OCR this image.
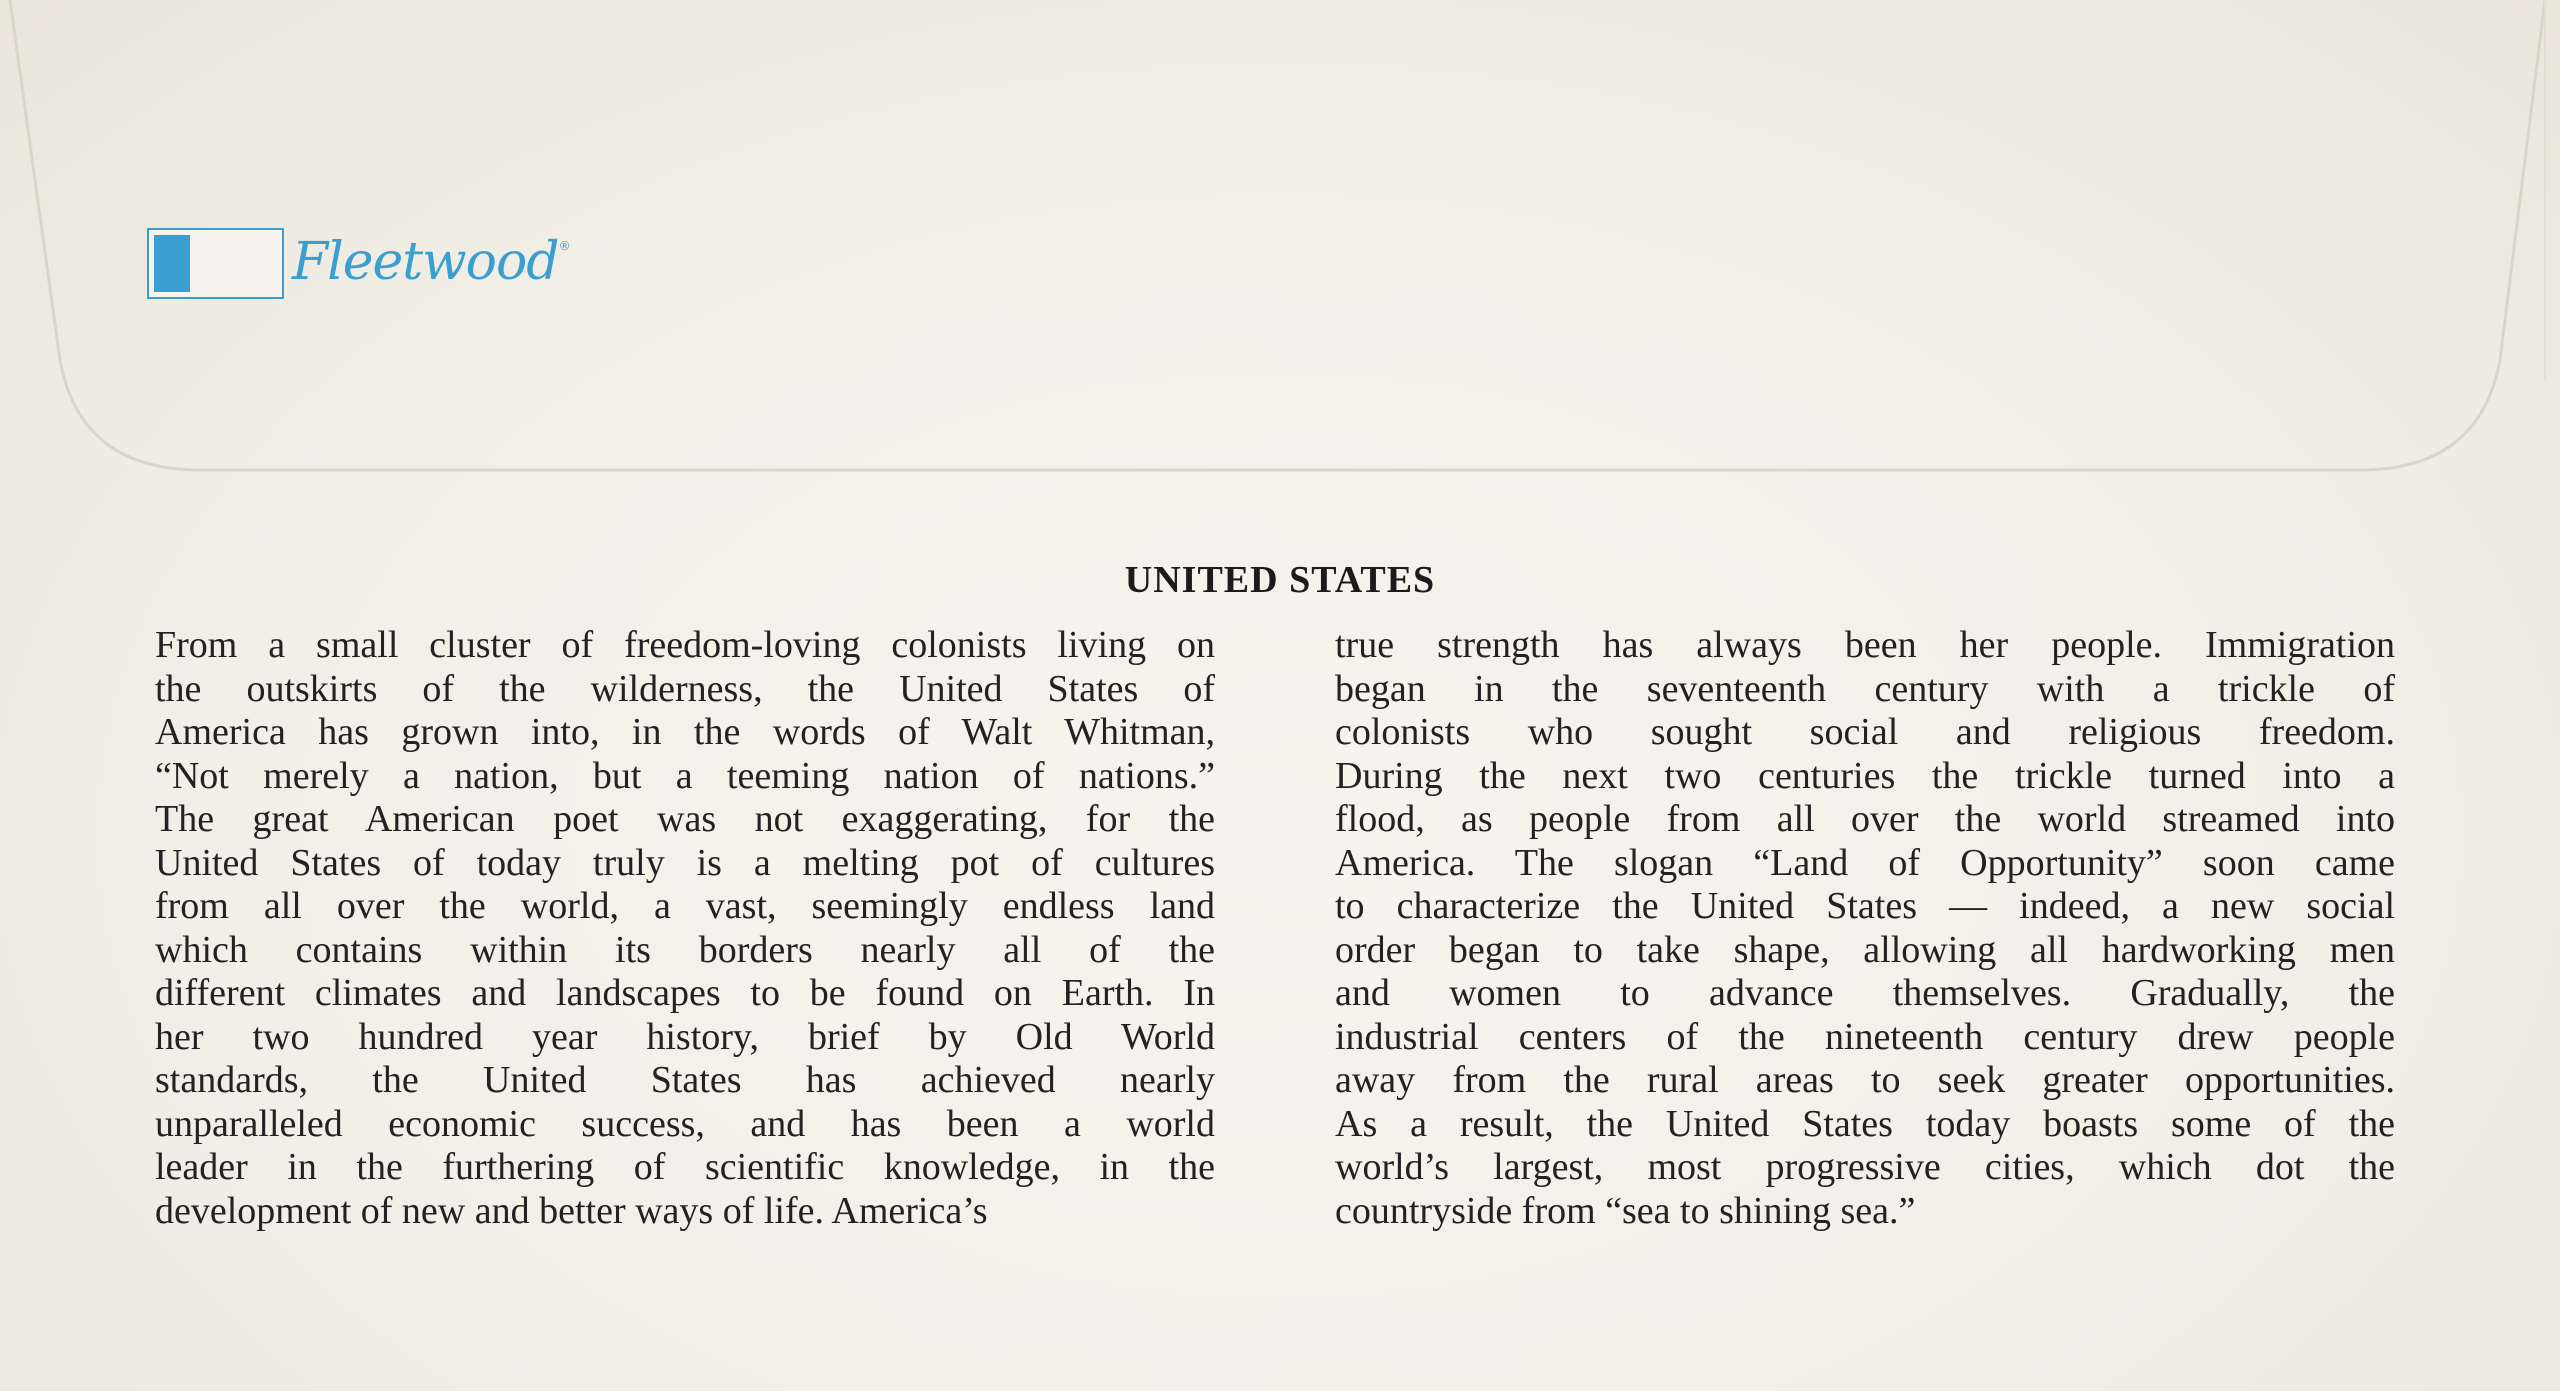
Fleetwood ®
UNITED STATES
From a small cluster of freedom-loving colonists living on
the outskirts of the wilderness, the United States of
America has grown into, in the words of Walt Whitman,
“Not merely a nation, but a teeming nation of nations.”
The great American poet was not exaggerating, for the
United States of today truly is a melting pot of cultures
from all over the world, a vast, seemingly endless land
which contains within its borders nearly all of the
different climates and landscapes to be found on Earth. In
her two hundred year history, brief by Old World
standards, the United States has achieved nearly
unparalleled economic success, and has been a world
leader in the furthering of scientific knowledge, in the
development of new and better ways of life. America’s
true strength has always been her people. Immigration
began in the seventeenth century with a trickle of
colonists who sought social and religious freedom.
During the next two centuries the trickle turned into a
flood, as people from all over the world streamed into
America. The slogan “Land of Opportunity” soon came
to characterize the United States — indeed, a new social
order began to take shape, allowing all hardworking men
and women to advance themselves. Gradually, the
industrial centers of the nineteenth century drew people
away from the rural areas to seek greater opportunities.
As a result, the United States today boasts some of the
world’s largest, most progressive cities, which dot the
countryside from “sea to shining sea.”
